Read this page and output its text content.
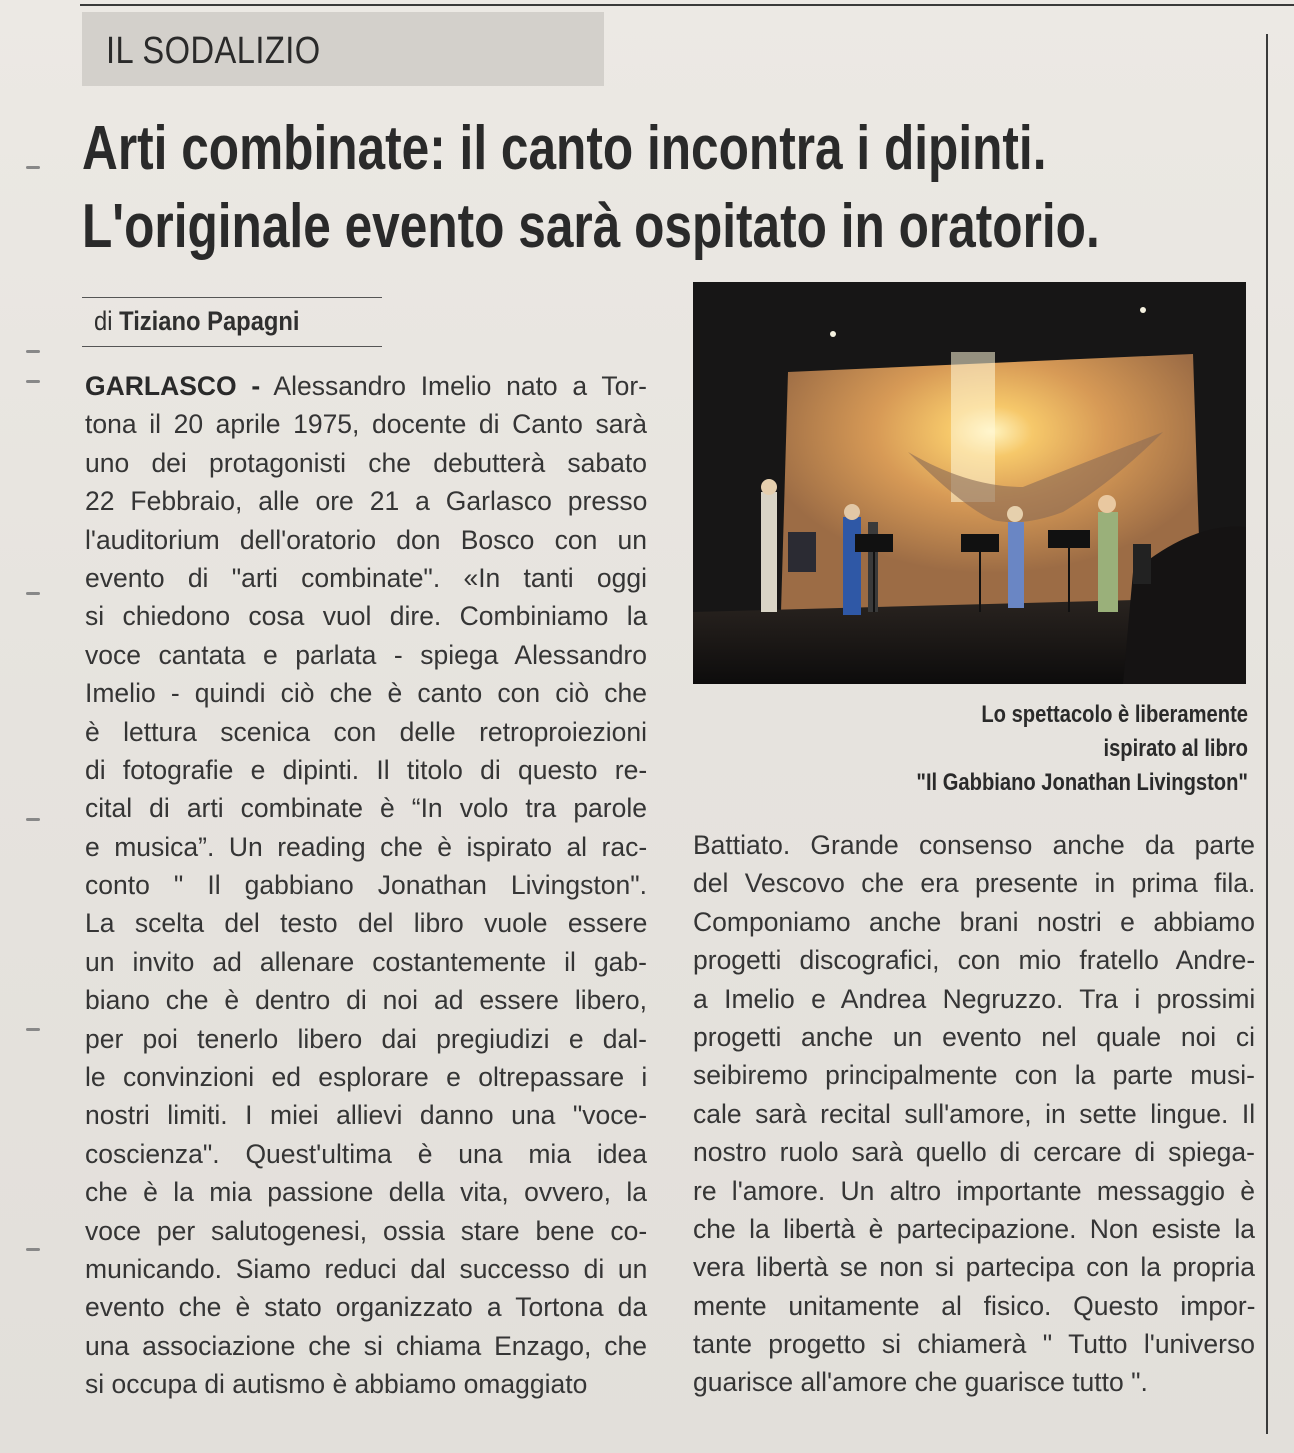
IL SODALIZIO
Arti combinate: il canto incontra i dipinti.
L'originale evento sarà ospitato in oratorio.
di Tiziano Papagni
GARLASCO - Alessandro Imelio nato a Tor-
tona il 20 aprile 1975, docente di Canto sarà
uno dei protagonisti che debutterà sabato
22 Febbraio, alle ore 21 a Garlasco presso
l'auditorium dell'oratorio don Bosco con un
evento di "arti combinate". «In tanti oggi
si chiedono cosa vuol dire. Combiniamo la
voce cantata e parlata - spiega Alessandro
Imelio - quindi ciò che è canto con ciò che
è lettura scenica con delle retroproiezioni
di fotografie e dipinti. Il titolo di questo re-
cital di arti combinate è “In volo tra parole
e musica”. Un reading che è ispirato al rac-
conto " Il gabbiano Jonathan Livingston".
La scelta del testo del libro vuole essere
un invito ad allenare costantemente il gab-
biano che è dentro di noi ad essere libero,
per poi tenerlo libero dai pregiudizi e dal-
le convinzioni ed esplorare e oltrepassare i
nostri limiti. I miei allievi danno una "voce-
coscienza". Quest'ultima è una mia idea
che è la mia passione della vita, ovvero, la
voce per salutogenesi, ossia stare bene co-
municando. Siamo reduci dal successo di un
evento che è stato organizzato a Tortona da
una associazione che si chiama Enzago, che
si occupa di autismo è abbiamo omaggiato
Lo spettacolo è liberamente
ispirato al libro
"Il Gabbiano Jonathan Livingston"
Battiato. Grande consenso anche da parte
del Vescovo che era presente in prima fila.
Componiamo anche brani nostri e abbiamo
progetti discografici, con mio fratello Andre-
a Imelio e Andrea Negruzzo. Tra i prossimi
progetti anche un evento nel quale noi ci
seibiremo principalmente con la parte musi-
cale sarà recital sull'amore, in sette lingue. Il
nostro ruolo sarà quello di cercare di spiega-
re l'amore. Un altro importante messaggio è
che la libertà è partecipazione. Non esiste la
vera libertà se non si partecipa con la propria
mente unitamente al fisico. Questo impor-
tante progetto si chiamerà " Tutto l'universo
guarisce all'amore che guarisce tutto ".
